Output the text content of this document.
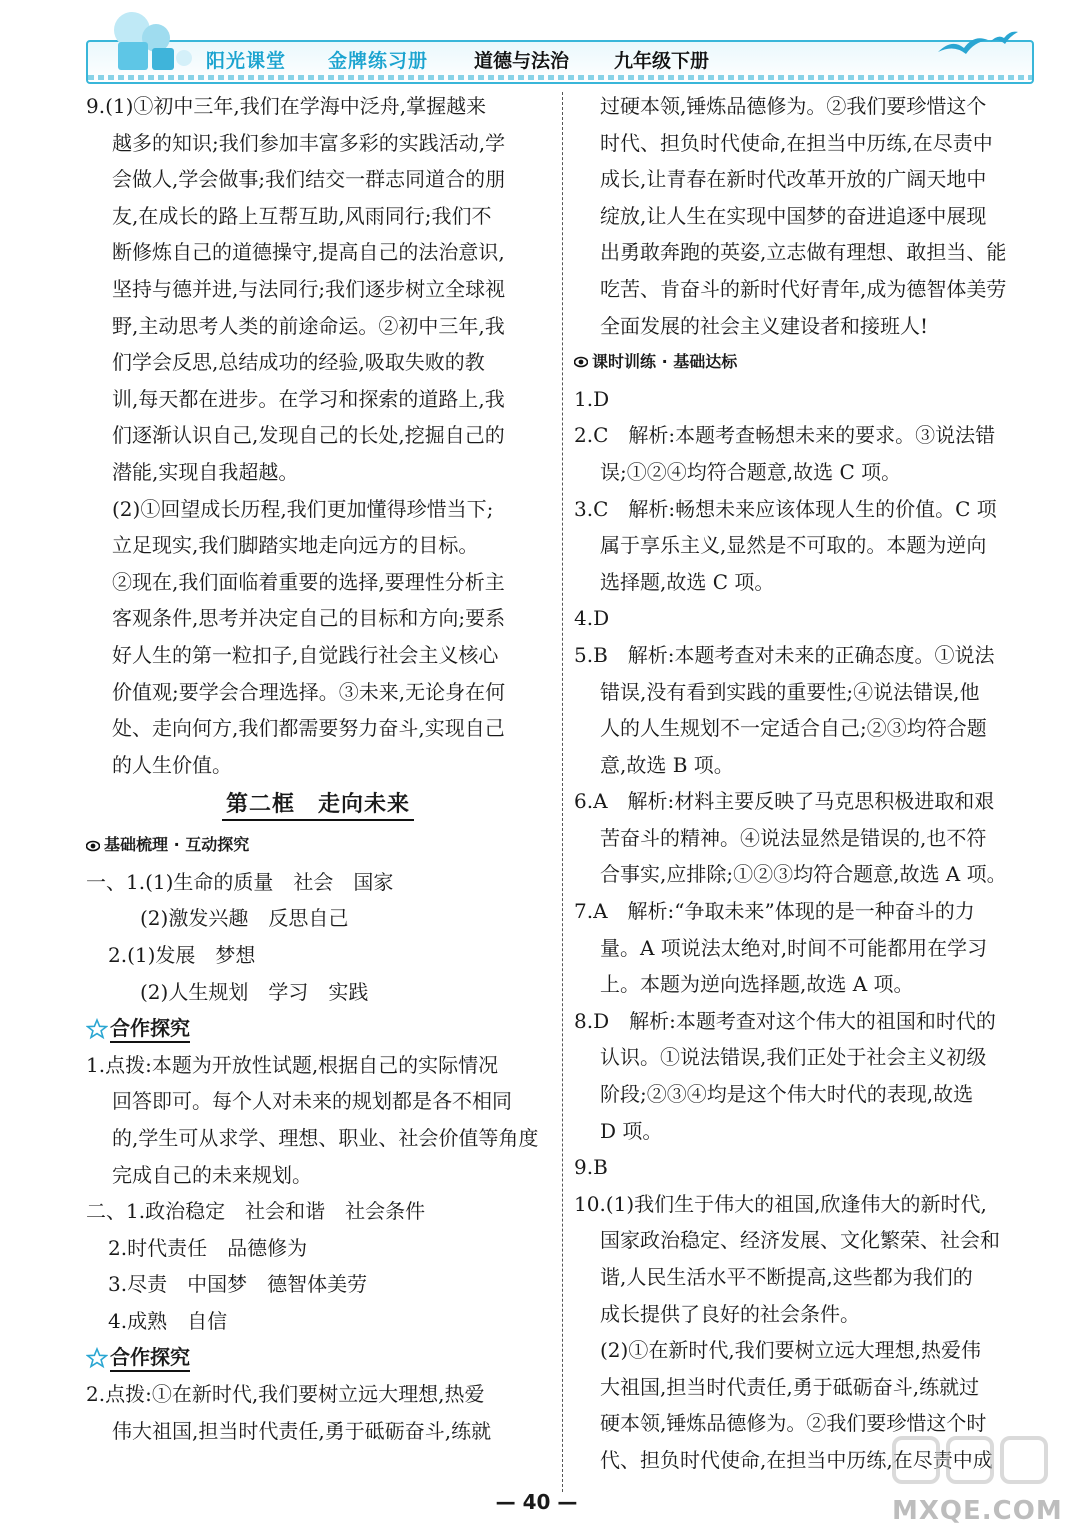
阳光课堂 金牌练习册 道德与法治 九年级下册
9.(1)①初中三年,我们在学海中泛舟,掌握越来
越多的知识;我们参加丰富多彩的实践活动,学
会做人,学会做事;我们结交一群志同道合的朋
友,在成长的路上互帮互助,风雨同行;我们不
断修炼自己的道德操守,提高自己的法治意识,
坚持与德并进,与法同行;我们逐步树立全球视
野,主动思考人类的前途命运。②初中三年,我
们学会反思,总结成功的经验,吸取失败的教
训,每天都在进步。在学习和探索的道路上,我
们逐渐认识自己,发现自己的长处,挖掘自己的
潜能,实现自我超越。
(2)①回望成长历程,我们更加懂得珍惜当下;
立足现实,我们脚踏实地走向远方的目标。
②现在,我们面临着重要的选择,要理性分析主
客观条件,思考并决定自己的目标和方向;要系
好人生的第一粒扣子,自觉践行社会主义核心
价值观;要学会合理选择。③未来,无论身在何
处、走向何方,我们都需要努力奋斗,实现自己
的人生价值。
第二框　走向未来
基础梳理 · 互动探究
一、1.(1)生命的质量　社会　国家
(2)激发兴趣　反思自己
2.(1)发展　梦想
(2)人生规划　学习　实践
合作探究
1.点拨:本题为开放性试题,根据自己的实际情况
回答即可。每个人对未来的规划都是各不相同
的,学生可从求学、理想、职业、社会价值等角度
完成自己的未来规划。
二、1.政治稳定　社会和谐　社会条件
2.时代责任　品德修为
3.尽责　中国梦　德智体美劳
4.成熟　自信
合作探究
2.点拨:①在新时代,我们要树立远大理想,热爱
伟大祖国,担当时代责任,勇于砥砺奋斗,练就
过硬本领,锤炼品德修为。②我们要珍惜这个
时代、担负时代使命,在担当中历练,在尽责中
成长,让青春在新时代改革开放的广阔天地中
绽放,让人生在实现中国梦的奋进追逐中展现
出勇敢奔跑的英姿,立志做有理想、敢担当、能
吃苦、肯奋斗的新时代好青年,成为德智体美劳
全面发展的社会主义建设者和接班人!
课时训练 · 基础达标
1.D
2.C　解析:本题考查畅想未来的要求。③说法错
误;①②④均符合题意,故选 C 项。
3.C　解析:畅想未来应该体现人生的价值。C 项
属于享乐主义,显然是不可取的。本题为逆向
选择题,故选 C 项。
4.D
5.B　解析:本题考查对未来的正确态度。①说法
错误,没有看到实践的重要性;④说法错误,他
人的人生规划不一定适合自己;②③均符合题
意,故选 B 项。
6.A　解析:材料主要反映了马克思积极进取和艰
苦奋斗的精神。④说法显然是错误的,也不符
合事实,应排除;①②③均符合题意,故选 A 项。
7.A　解析:“争取未来”体现的是一种奋斗的力
量。A 项说法太绝对,时间不可能都用在学习
上。本题为逆向选择题,故选 A 项。
8.D　解析:本题考查对这个伟大的祖国和时代的
认识。①说法错误,我们正处于社会主义初级
阶段;②③④均是这个伟大时代的表现,故选
D 项。
9.B
10.(1)我们生于伟大的祖国,欣逢伟大的新时代,
国家政治稳定、经济发展、文化繁荣、社会和
谐,人民生活水平不断提高,这些都为我们的
成长提供了良好的社会条件。
(2)①在新时代,我们要树立远大理想,热爱伟
大祖国,担当时代责任,勇于砥砺奋斗,练就过
硬本领,锤炼品德修为。②我们要珍惜这个时
代、担负时代使命,在担当中历练,在尽责中成
— 40 —	MXQE.COM
